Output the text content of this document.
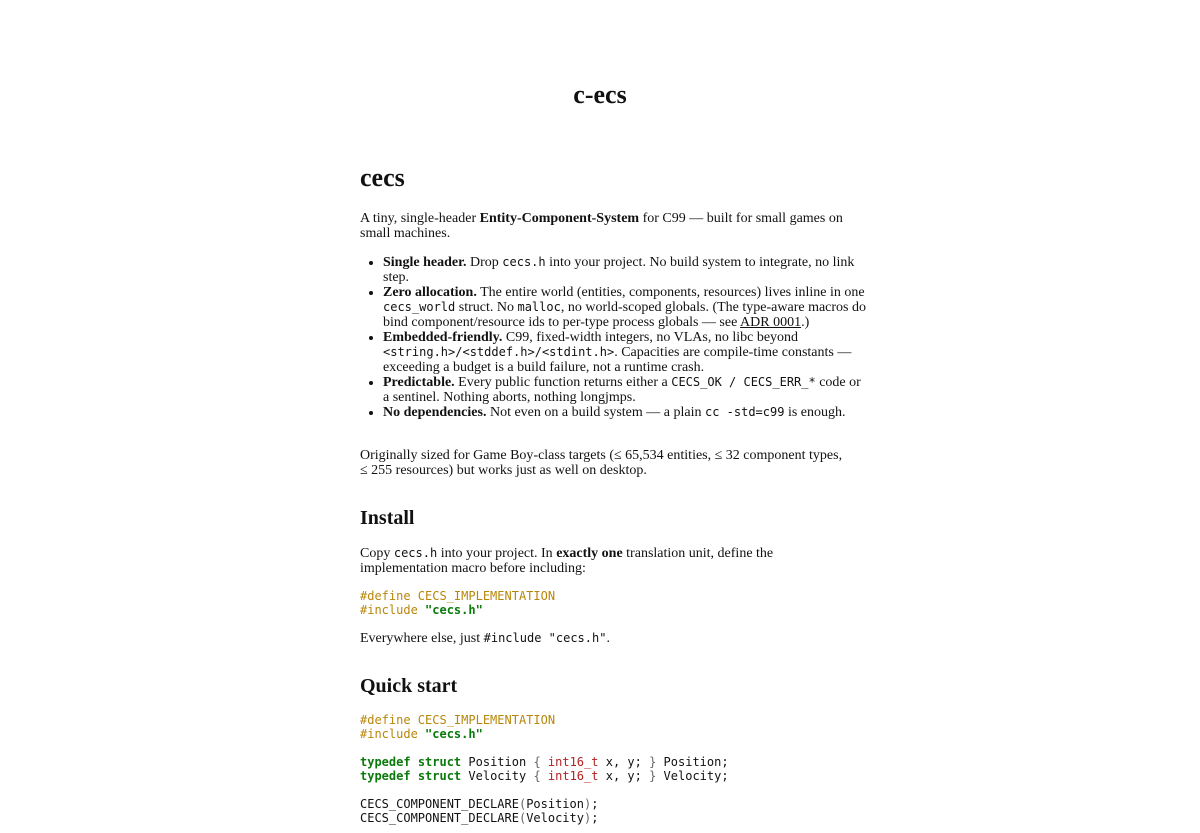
c-ecs
cecs

A tiny, single-header Entity-Component-System for C99 — built for small games on small machines.

• Single header. Drop cecs.h into your project. No build system to integrate, no link step.
• Zero allocation. The entire world (entities, components, resources) lives inline in one cecs_world struct. No malloc, no world-scoped globals. (The type-aware macros do bind component/resource ids to per-type process globals — see ADR 0001.)
• Embedded-friendly. C99, fixed-width integers, no VLAs, no libc beyond <string.h>/<stddef.h>/<stdint.h>. Capacities are compile-time constants — exceeding a budget is a build failure, not a runtime crash.
• Predictable. Every public function returns either a CECS_OK / CECS_ERR_* code or a sentinel. Nothing aborts, nothing longjmps.
• No dependencies. Not even on a build system — a plain cc -std=c99 is enough.

Originally sized for Game Boy-class targets (≤ 65,534 entities, ≤ 32 component types, ≤ 255 resources) but works just as well on desktop.

Install

Copy cecs.h into your project. In exactly one translation unit, define the implementation macro before including:

#define CECS_IMPLEMENTATION
#include "cecs.h"

Everywhere else, just #include "cecs.h".

Quick start
#define CECS_IMPLEMENTATION
#include "cecs.h"

typedef struct Position { int16_t x, y; } Position;
typedef struct Velocity { int16_t x, y; } Velocity;

CECS_COMPONENT_DECLARE(Position);
CECS_COMPONENT_DECLARE(Velocity);
